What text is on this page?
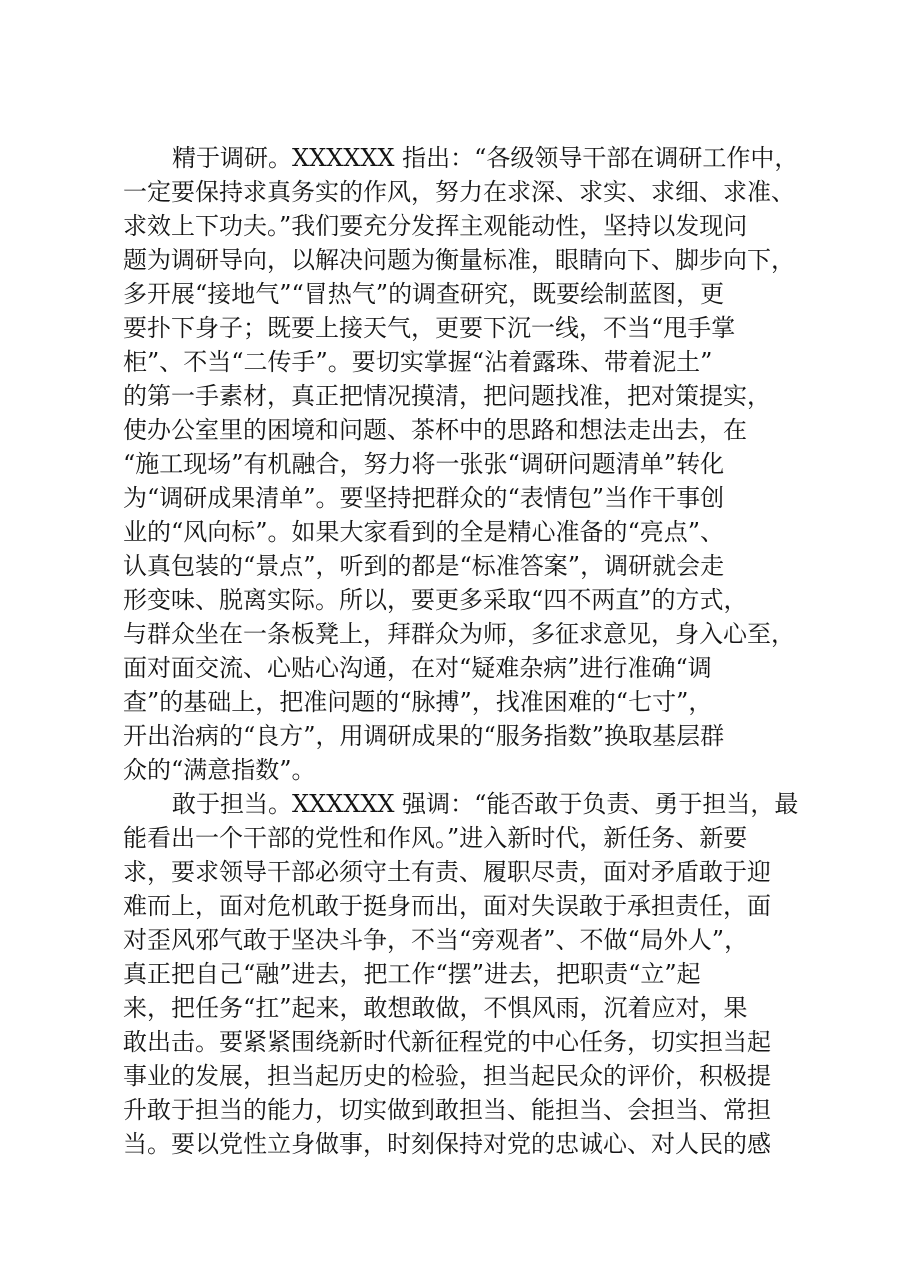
精于调研。XXXXXX 指出：“各级领导干部在调研工作中，
一定要保持求真务实的作风，努力在求深、求实、求细、求准、
求效上下功夫。”我们要充分发挥主观能动性，坚持以发现问
题为调研导向，以解决问题为衡量标准，眼睛向下、脚步向下，
多开展“接地气”“冒热气”的调查研究，既要绘制蓝图，更
要扑下身子；既要上接天气，更要下沉一线，不当“甩手掌
柜”、不当“二传手”。要切实掌握“沾着露珠、带着泥土”
的第一手素材，真正把情况摸清，把问题找准，把对策提实，
使办公室里的困境和问题、茶杯中的思路和想法走出去，在
“施工现场”有机融合，努力将一张张“调研问题清单”转化
为“调研成果清单”。要坚持把群众的“表情包”当作干事创
业的“风向标”。如果大家看到的全是精心准备的“亮点”、
认真包装的“景点”，听到的都是“标准答案”，调研就会走
形变味、脱离实际。所以，要更多采取“四不两直”的方式，
与群众坐在一条板凳上，拜群众为师，多征求意见，身入心至，
面对面交流、心贴心沟通，在对“疑难杂病”进行准确“调
查”的基础上，把准问题的“脉搏”，找准困难的“七寸”，
开出治病的“良方”，用调研成果的“服务指数”换取基层群
众的“满意指数”。
敢于担当。XXXXXX 强调：“能否敢于负责、勇于担当，最
能看出一个干部的党性和作风。”进入新时代，新任务、新要
求，要求领导干部必须守土有责、履职尽责，面对矛盾敢于迎
难而上，面对危机敢于挺身而出，面对失误敢于承担责任，面
对歪风邪气敢于坚决斗争，不当“旁观者”、不做“局外人”，
真正把自己“融”进去，把工作“摆”进去，把职责“立”起
来，把任务“扛”起来，敢想敢做，不惧风雨，沉着应对，果
敢出击。要紧紧围绕新时代新征程党的中心任务，切实担当起
事业的发展，担当起历史的检验，担当起民众的评价，积极提
升敢于担当的能力，切实做到敢担当、能担当、会担当、常担
当。要以党性立身做事，时刻保持对党的忠诚心、对人民的感
